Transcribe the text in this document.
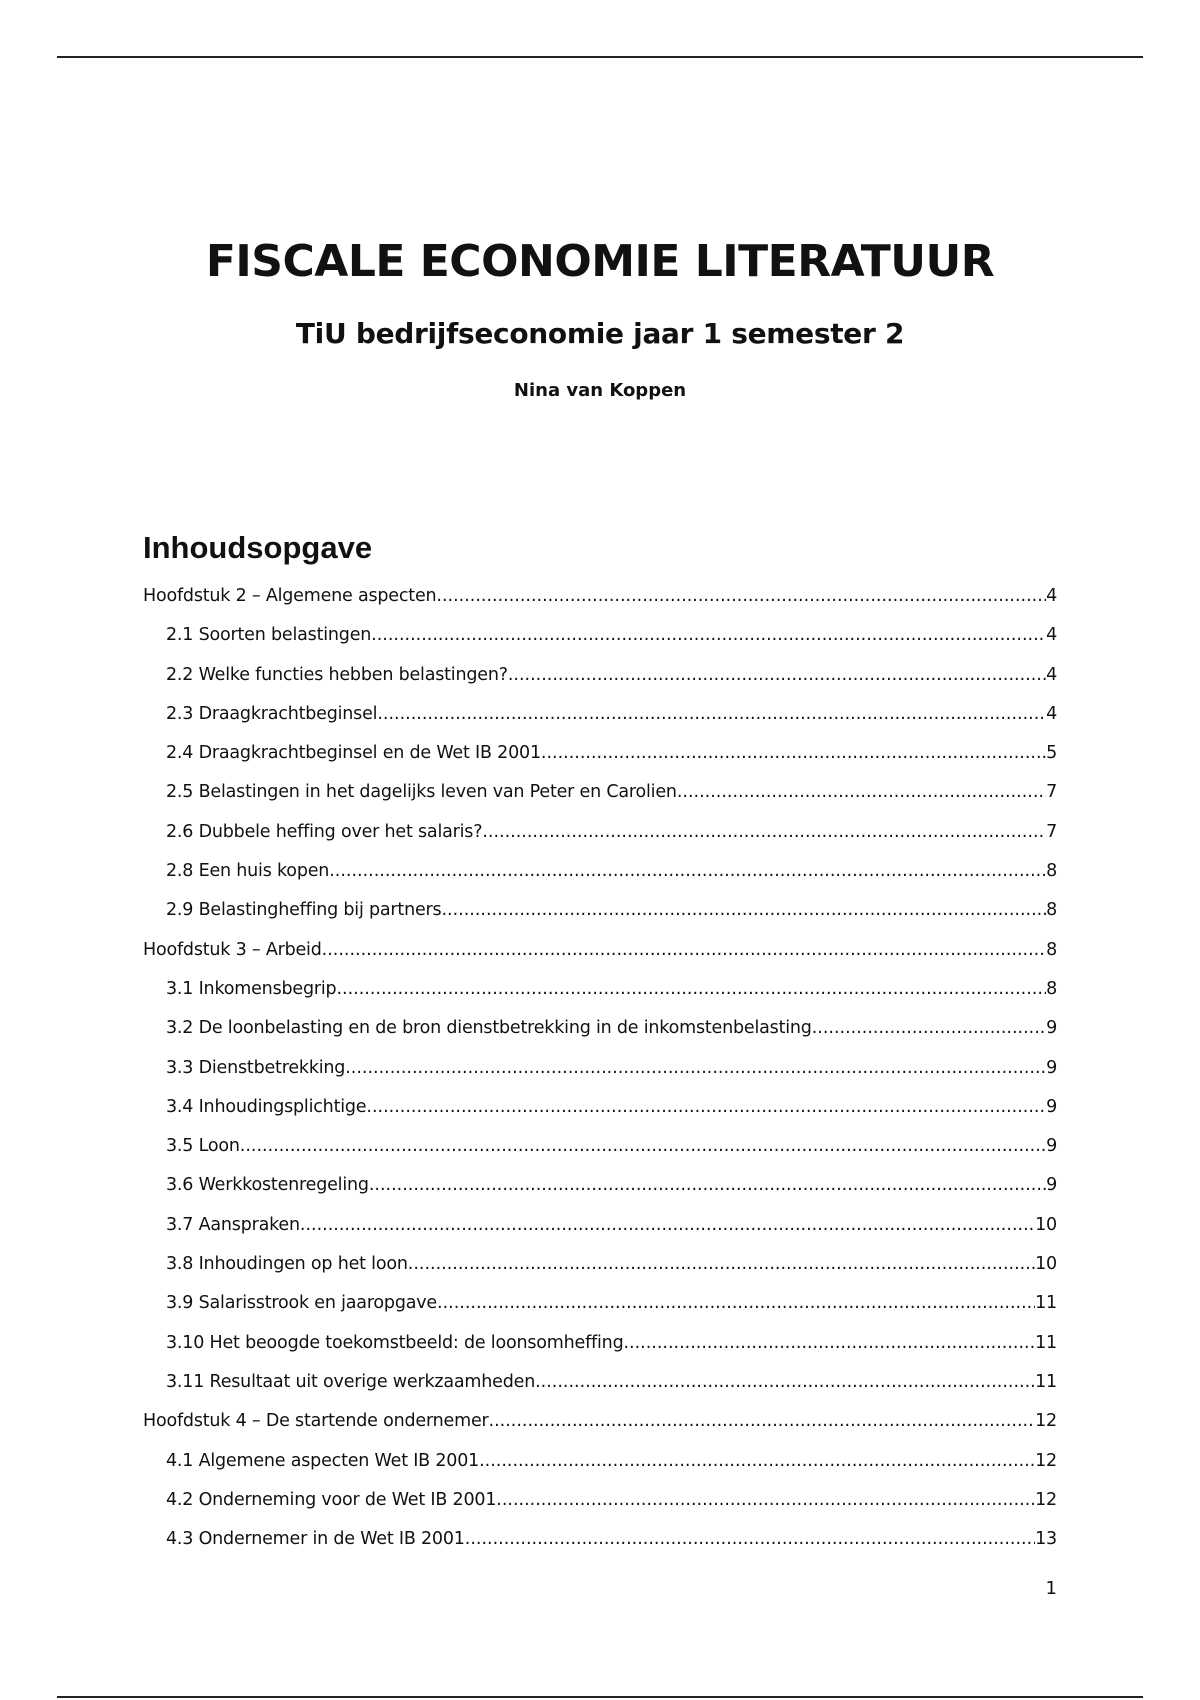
FISCALE ECONOMIE LITERATUUR
TiU bedrijfseconomie jaar 1 semester 2
Nina van Koppen
Inhoudsopgave
Hoofdstuk 2 – Algemene aspecten .....	4
2.1 Soorten belastingen .....	4
2.2 Welke functies hebben belastingen? .....	4
2.3 Draagkrachtbeginsel .....	4
2.4 Draagkrachtbeginsel en de Wet IB 2001 .....	5
2.5 Belastingen in het dagelijks leven van Peter en Carolien .....	7
2.6 Dubbele heffing over het salaris? .....	7
2.8 Een huis kopen .....	8
2.9 Belastingheffing bij partners .....	8
Hoofdstuk 3 – Arbeid .....	8
3.1 Inkomensbegrip .....	8
3.2 De loonbelasting en de bron dienstbetrekking in de inkomstenbelasting .....	9
3.3 Dienstbetrekking .....	9
3.4 Inhoudingsplichtige .....	9
3.5 Loon .....	9
3.6 Werkkostenregeling .....	9
3.7 Aanspraken .....	10
3.8 Inhoudingen op het loon .....	10
3.9 Salarisstrook en jaaropgave .....	11
3.10 Het beoogde toekomstbeeld: de loonsomheffing .....	11
3.11 Resultaat uit overige werkzaamheden .....	11
Hoofdstuk 4 – De startende ondernemer .....	12
4.1 Algemene aspecten Wet IB 2001 .....	12
4.2 Onderneming voor de Wet IB 2001 .....	12
4.3 Ondernemer in de Wet IB 2001 .....	13
1
